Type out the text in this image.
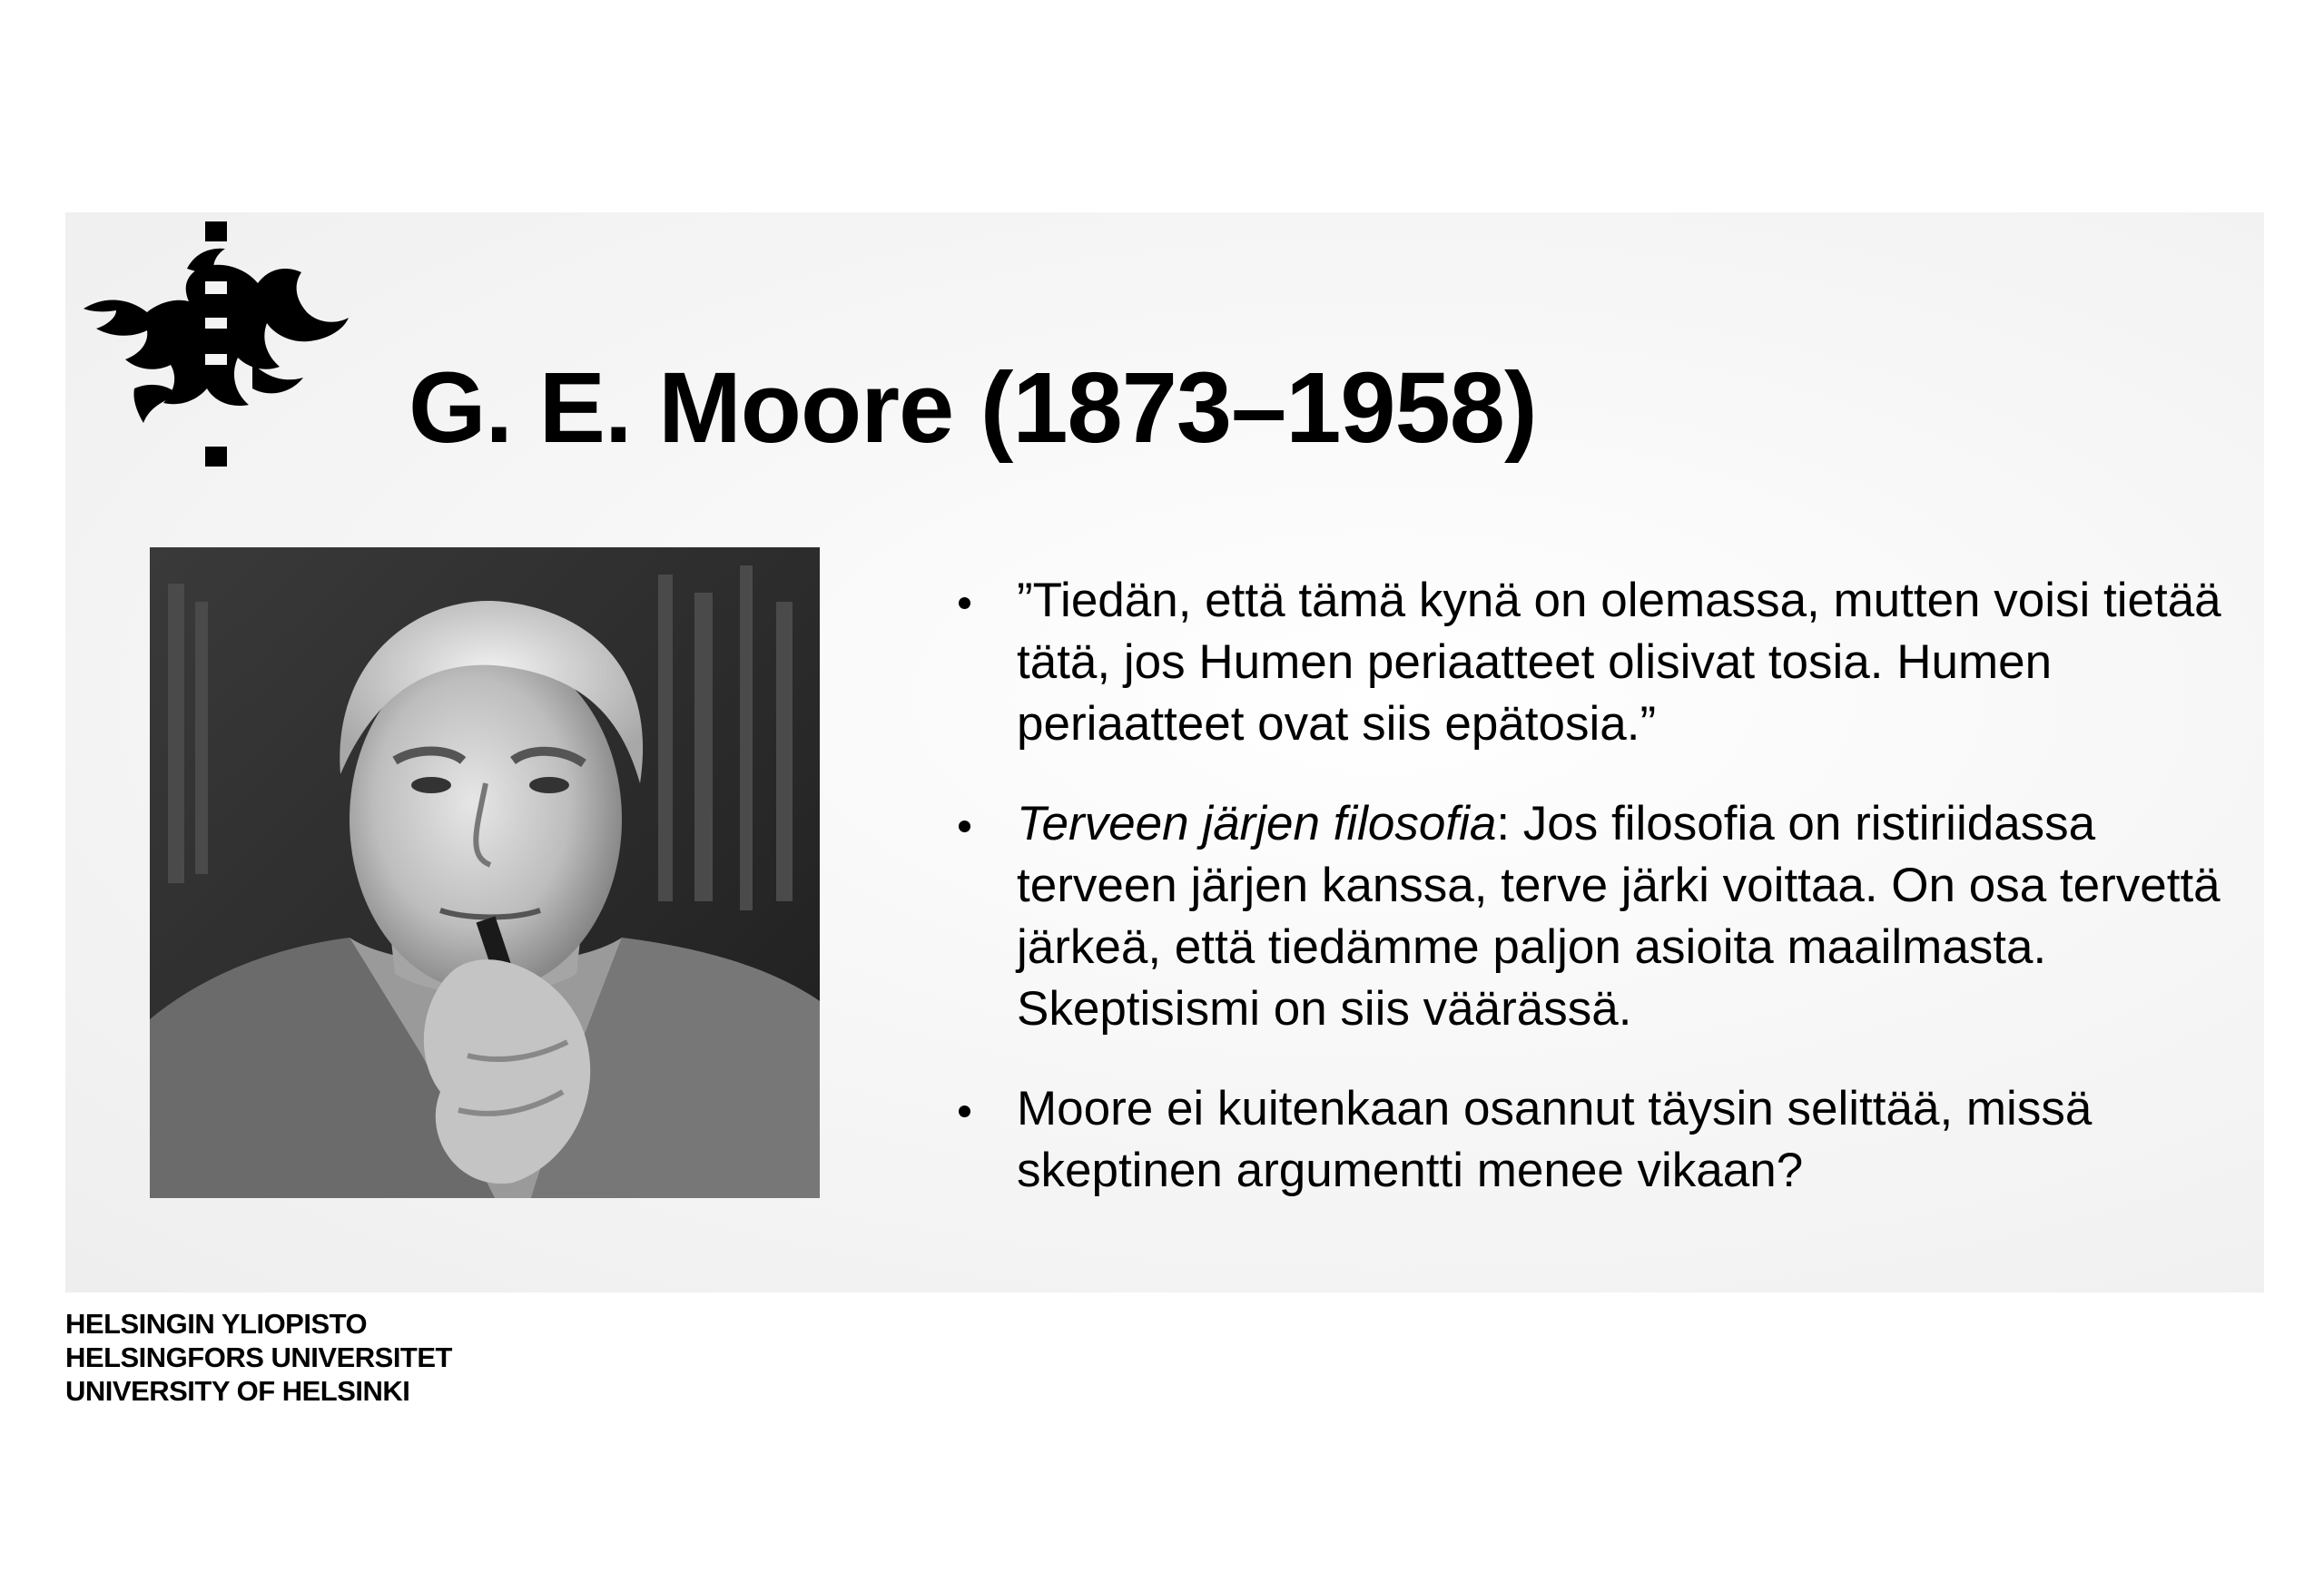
G. E. Moore (1873–1958)
”Tiedän, että tämä kynä on olemassa, mutten voisi tietää tätä, jos Humen periaatteet olisivat tosia. Humen periaatteet ovat siis epätosia.”
Terveen järjen filosofia: Jos filosofia on ristiriidassa terveen järjen kanssa, terve järki voittaa. On osa tervettä järkeä, että tiedämme paljon asioita maailmasta. Skeptisismi on siis väärässä.
Moore ei kuitenkaan osannut täysin selittää, missä skeptinen argumentti menee vikaan?
HELSINGIN YLIOPISTO
HELSINGFORS UNIVERSITET
UNIVERSITY OF HELSINKI
